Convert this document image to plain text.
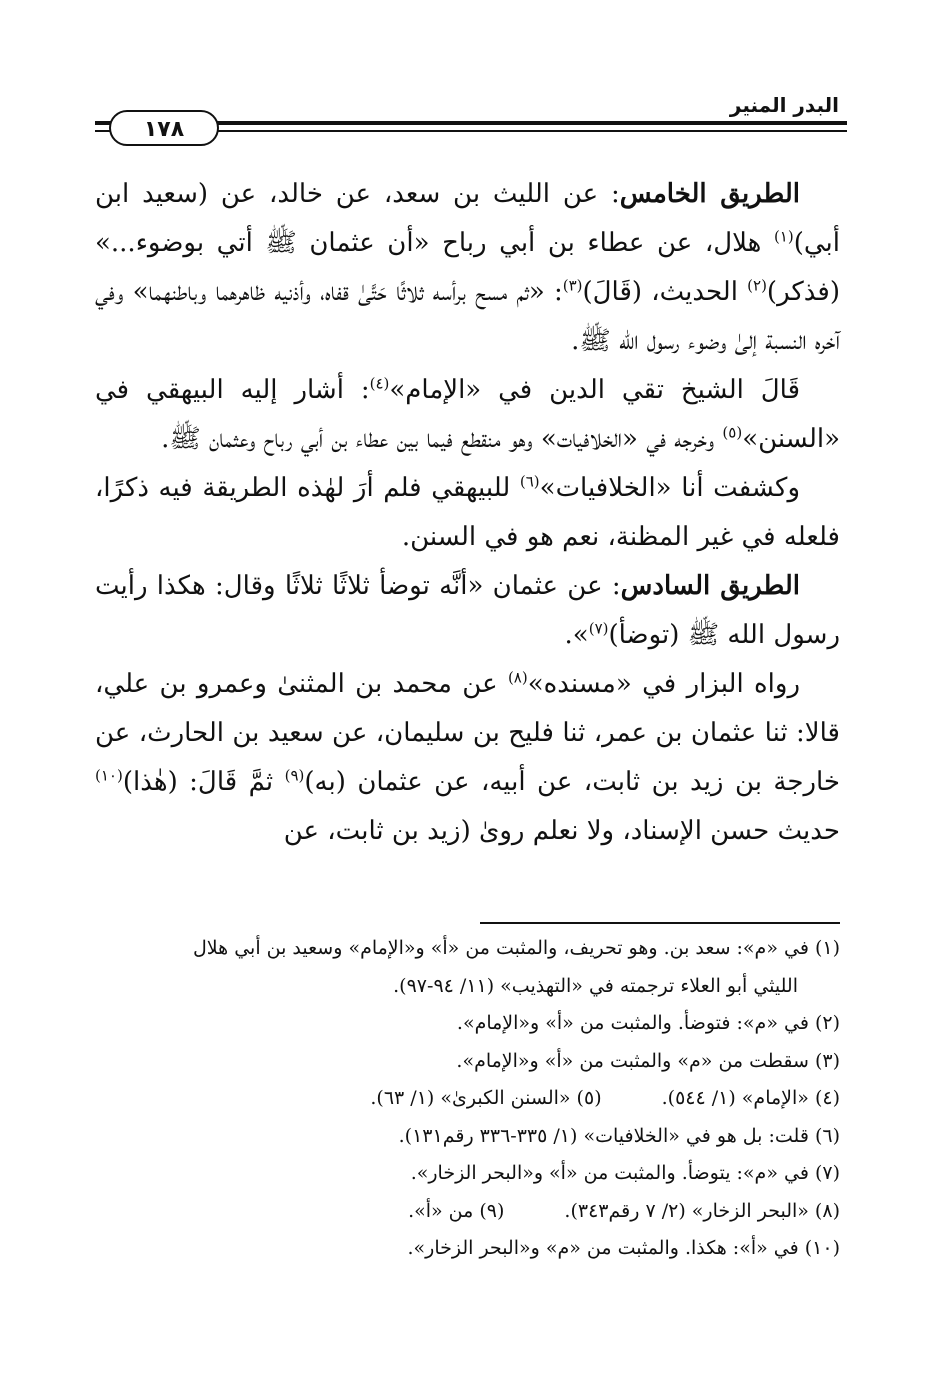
البدر المنير
١٧٨

الطريق الخامس: عن الليث بن سعد، عن خالد، عن (سعيد ابن أبي)$^{(١)}$ هلال، عن عطاء بن أبي رباح «أن عثمان ﷺ أتي بوضوء...» (فذكر)$^{(٢)}$ الحديث، (قَالَ)$^{(٣)}$: «ثم مسح برأسه ثلاثًا حَتَّىٰ قفاه، وأذنيه ظاهرهما وباطنهما» وفي آخره النسبة إلىٰ وضوء رسول الله ﷺ.

قَالَ الشيخ تقي الدين في «الإمام»$^{(٤)}$: أشار إليه البيهقي في «السنن»$^{(٥)}$ وخرجه في «الخلافيات» وهو منقطع فيما بين عطاء بن أبي رباح وعثمان ﷺ.

وكشفت أنا «الخلافيات»$^{(٦)}$ للبيهقي فلم أرَ لهٰذه الطريقة فيه ذكرًا، فلعله في غير المظنة، نعم هو في السنن.

الطريق السادس: عن عثمان «أنَّه توضأ ثلاثًا ثلاثًا وقال: هكذا رأيت رسول الله ﷺ (توضأ)$^{(٧)}$».

رواه البزار في «مسنده»$^{(٨)}$ عن محمد بن المثنىٰ وعمرو بن علي، قالا: ثنا عثمان بن عمر، ثنا فليح بن سليمان، عن سعيد بن الحارث، عن خارجة بن زيد بن ثابت، عن أبيه، عن عثمان (به)$^{(٩)}$ ثمَّ قَالَ: (هٰذا)$^{(١٠)}$ حديث حسن الإسناد، ولا نعلم روىٰ (زيد بن ثابت، عن

(١) في «م»: سعد بن. وهو تحريف، والمثبت من «أ» و«الإمام» وسعيد بن أبي هلال

الليثي أبو العلاء ترجمته في «التهذيب» (١١/ ٩٤-٩٧).

(٢) في «م»: فتوضأ. والمثبت من «أ» و«الإمام».

(٣) سقطت من «م» والمثبت من «أ» و«الإمام».

(٤) «الإمام» (١/ ٥٤٤).
(٥) «السنن الكبرىٰ» (١/ ٦٣).

(٦) قلت: بل هو في «الخلافيات» (١/ ٣٣٥-٣٣٦ رقم١٣١).

(٧) في «م»: يتوضأ. والمثبت من «أ» و«البحر الزخار».

(٨) «البحر الزخار» (٢/ ٧ رقم٣٤٣).
(٩) من «أ».

(١٠) في «أ»: هكذا. والمثبت من «م» و«البحر الزخار».
